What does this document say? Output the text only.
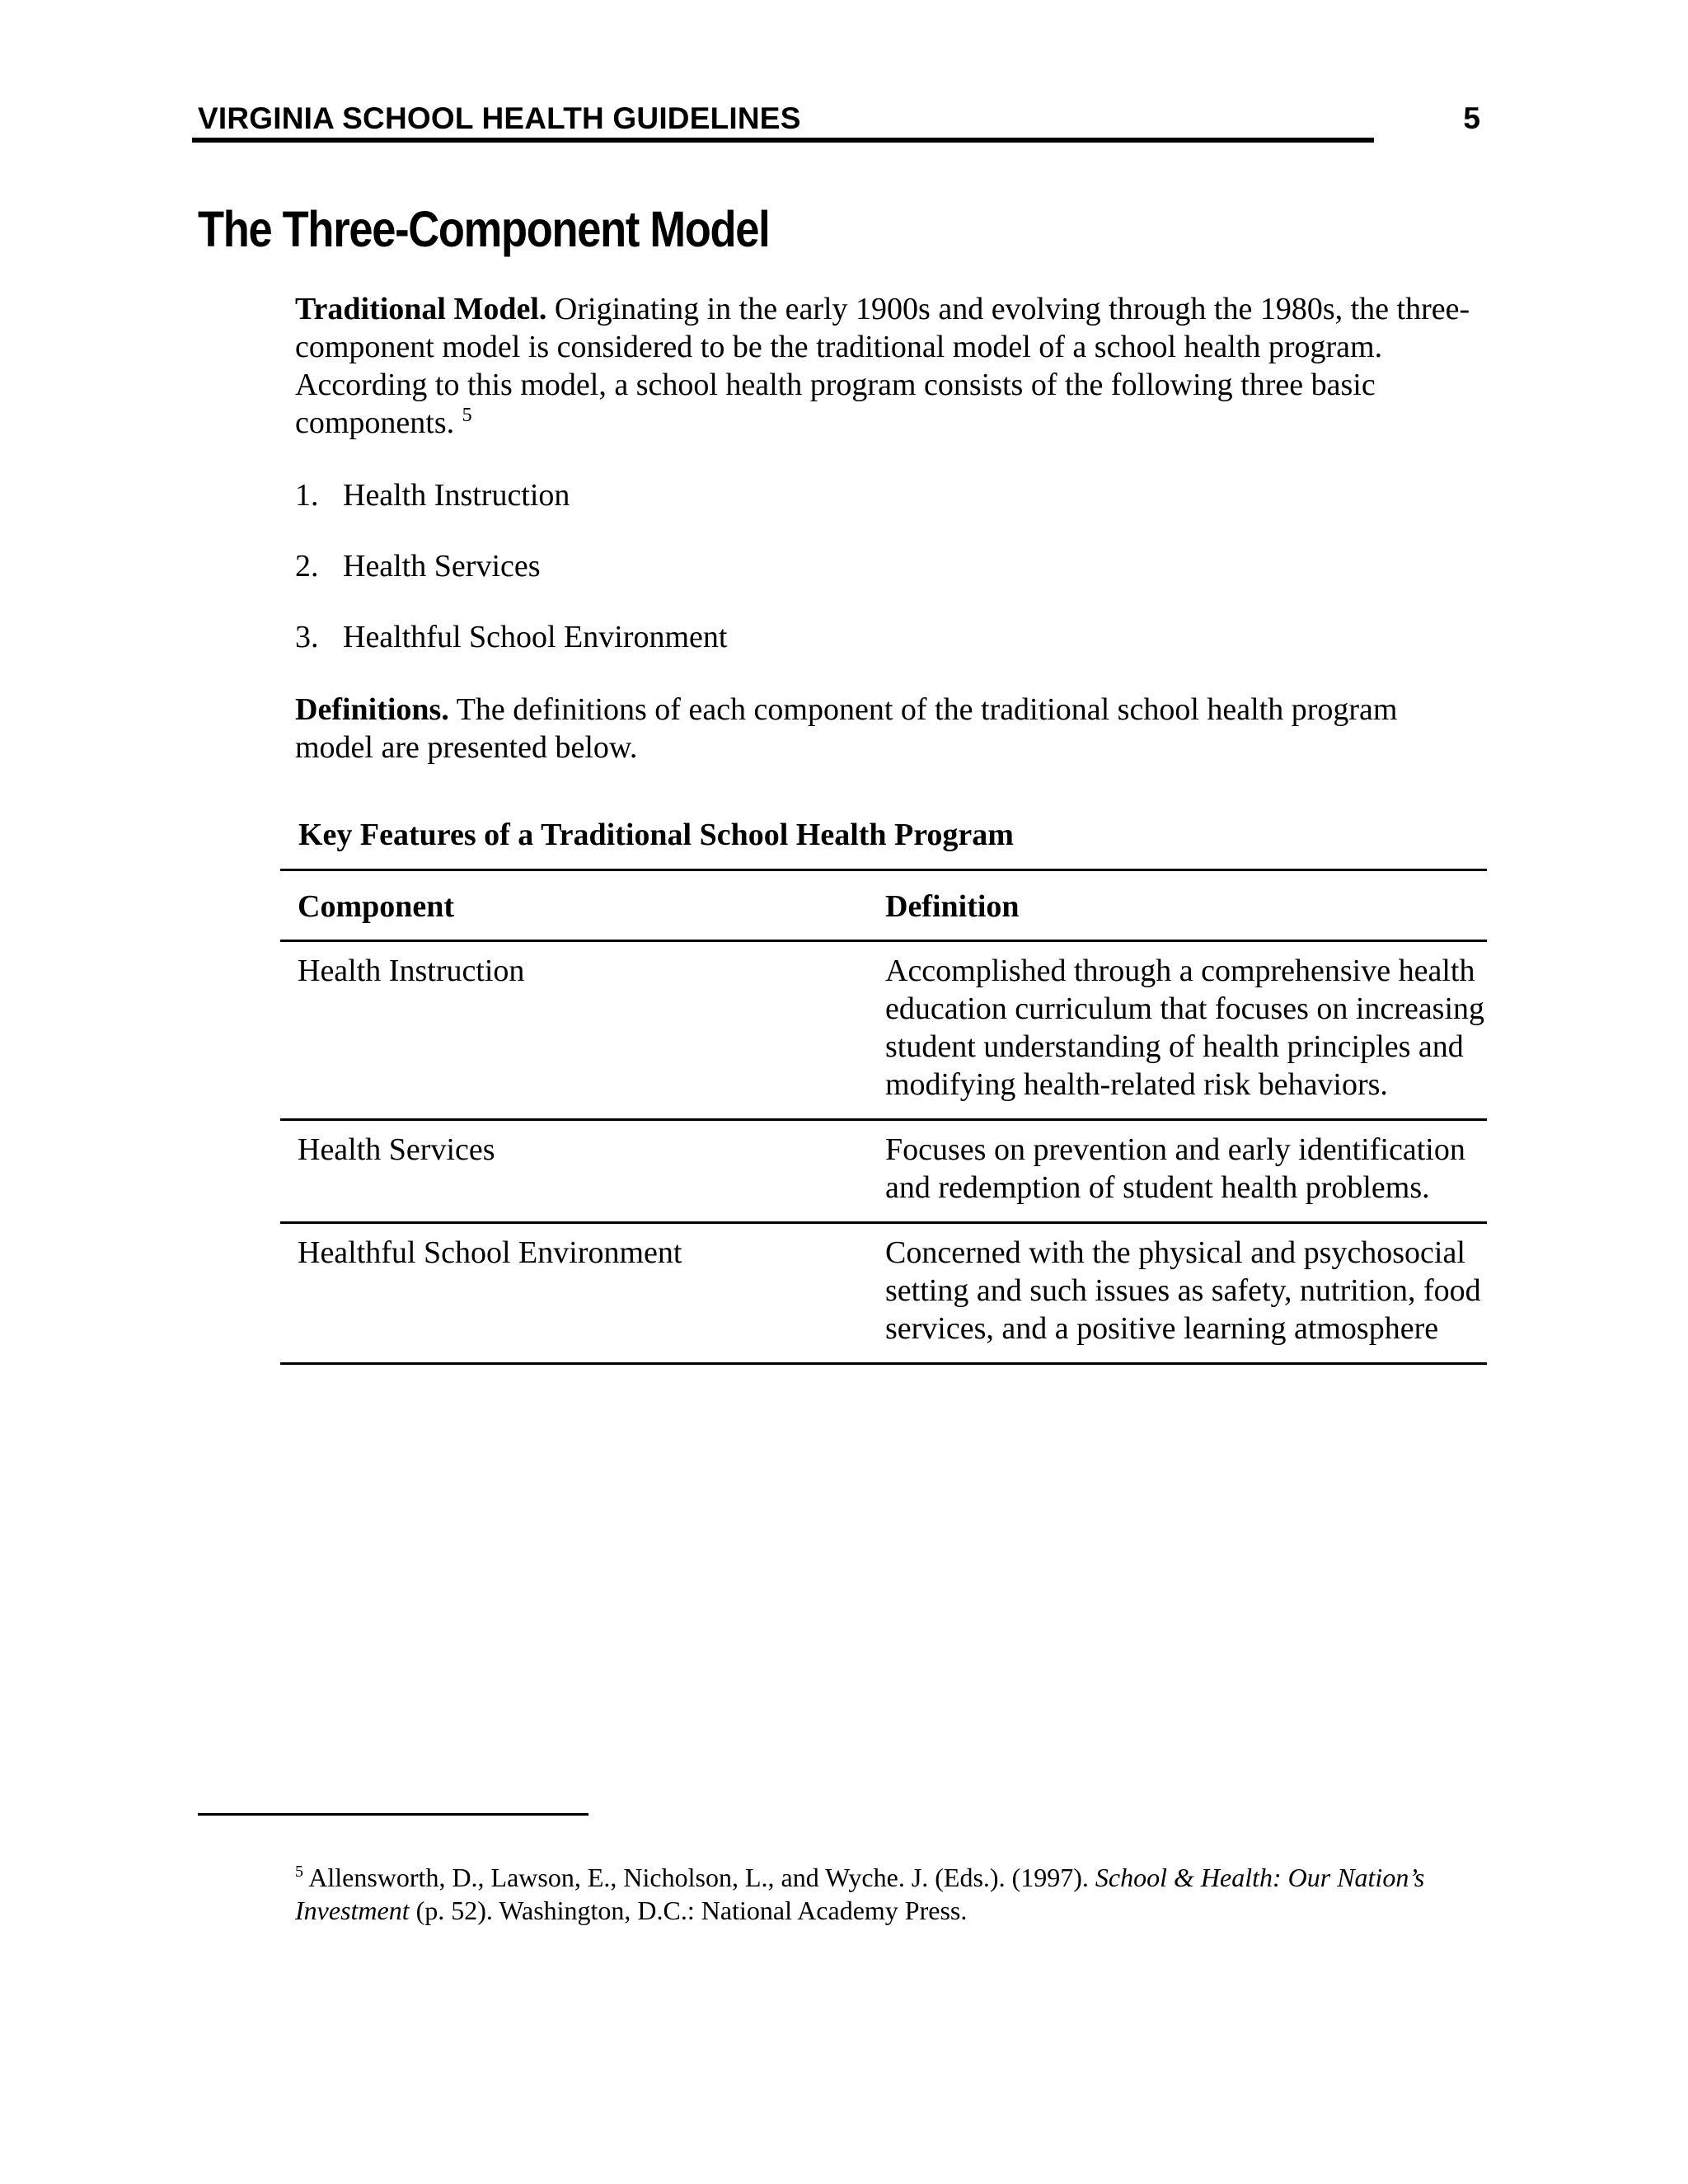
VIRGINIA SCHOOL HEALTH GUIDELINES	5
The Three-Component Model

Traditional Model. Originating in the early 1900s and evolving through the 1980s, the three-component model is considered to be the traditional model of a school health program. According to this model, a school health program consists of the following three basic components. $^5$

1. Health Instruction
2. Health Services
3. Healthful School Environment

Definitions. The definitions of each component of the traditional school health program model are presented below.

Key Features of a Traditional School Health Program
Component	Definition
Health Instruction	Accomplished through a comprehensive health education curriculum that focuses on increasing student understanding of health principles and modifying health-related risk behaviors.

Health Services	Focuses on prevention and early identification and redemption of student health problems.

Healthful School Environment	Concerned with the physical and psychosocial setting and such issues as safety, nutrition, food services, and a positive learning atmosphere
$^5$ Allensworth, D., Lawson, E., Nicholson, L., and Wyche. J. (Eds.). (1997). School & Health: Our Nation’s Investment (p. 52). Washington, D.C.: National Academy Press.
